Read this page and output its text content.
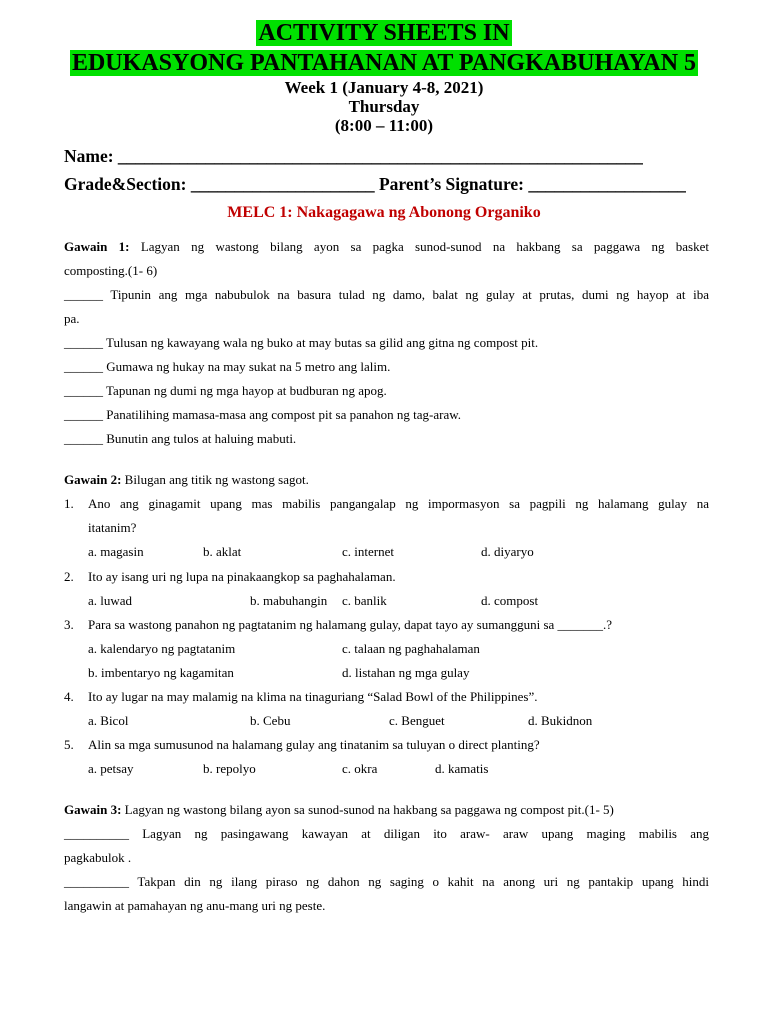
ACTIVITY SHEETS IN
EDUKASYONG PANTAHANAN AT PANGKABUHAYAN 5
Week 1 (January 4-8, 2021)
Thursday
(8:00 – 11:00)
Name: ____________________________________________________________
Grade&Section: _____________________ Parent’s Signature: __________________
MELC 1: Nakagagawa ng Abonong Organiko
Gawain 1: Lagyan ng wastong bilang ayon sa pagka sunod-sunod na hakbang sa paggawa ng basket
composting.(1- 6)
______ Tipunin ang mga nabubulok na basura tulad ng damo, balat ng gulay at prutas, dumi ng hayop at iba
pa.
______ Tulusan ng kawayang wala ng buko at may butas sa gilid ang gitna ng compost pit.
______ Gumawa ng hukay na may sukat na 5 metro ang lalim.
______ Tapunan ng dumi ng mga hayop at budburan ng apog.
______ Panatilihing mamasa-masa ang compost pit sa panahon ng tag-araw.
______ Bunutin ang tulos at haluing mabuti.
Gawain 2: Bilugan ang titik ng wastong sagot.
1. Ano ang ginagamit upang mas mabilis pangangalap ng impormasyon sa pagpili ng halamang gulay na
itatanim?
a. magasin	b. aklat	c. internet	d. diyaryo
2. Ito ay isang uri ng lupa na pinakaangkop sa paghahalaman.
a. luwad	b. mabuhangin c. banlik	d. compost
3. Para sa wastong panahon ng pagtatanim ng halamang gulay, dapat tayo ay sumangguni sa _______.?
a. kalendaryo ng pagtatanim	c. talaan ng paghahalaman
b. imbentaryo ng kagamitan	d. listahan ng mga gulay
4. Ito ay lugar na may malamig na klima na tinaguriang “Salad Bowl of the Philippines”.
a. Bicol	b. Cebu	c. Benguet	d. Bukidnon
5. Alin sa mga sumusunod na halamang gulay ang tinatanim sa tuluyan o direct planting?
a. petsay	b. repolyo	c. okra	d. kamatis
Gawain 3: Lagyan ng wastong bilang ayon sa sunod-sunod na hakbang sa paggawa ng compost pit.(1- 5)
__________ Lagyan ng pasingawang kawayan at diligan ito araw- araw upang maging mabilis ang
pagkabulok .
__________ Takpan din ng ilang piraso ng dahon ng saging o kahit na anong uri ng pantakip upang hindi
langawin at pamahayan ng anu-mang uri ng peste.
